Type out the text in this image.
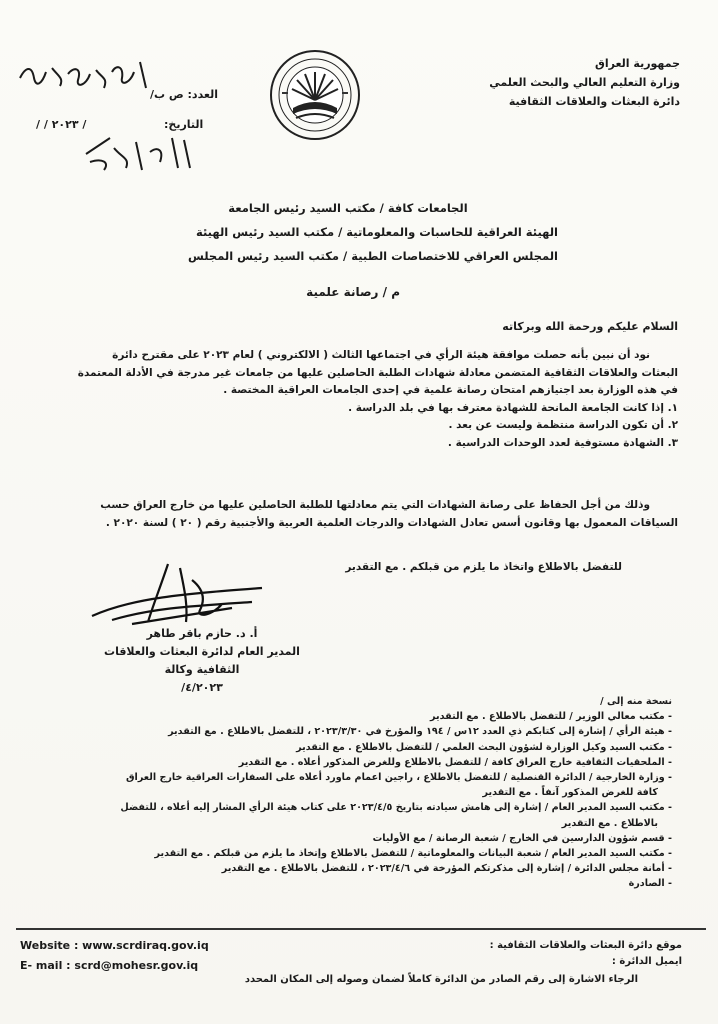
جمهورية العراق
وزارة التعليم العالي والبحث العلمي
دائرة البعثات والعلاقات الثقافية
العدد: ص ب/
التاريخ:
/ ۲۰۲۳ / /
الجامعات كافة / مكتب السيد رئيس الجامعة
الهيئة العراقية للحاسبات والمعلوماتية / مكتب السيد رئيس الهيئة
المجلس العراقي للاختصاصات الطبية / مكتب السيد رئيس المجلس
م / رصانة علمية
السلام عليكم ورحمة الله وبركاته
نود أن نبين بأنه حصلت موافقة هيئة الرأي في اجتماعها الثالث ( الالكتروني ) لعام ۲۰۲۳ على مقترح دائرة
البعثات والعلاقات الثقافية المتضمن معادلة شهادات الطلبة الحاصلين عليها من جامعات غير مدرجة في الأدلة المعتمدة
في هذه الوزارة بعد اجتيازهم امتحان رصانة علمية في إحدى الجامعات العراقية المختصة .
۱. إذا كانت الجامعة المانحة للشهادة معترف بها في بلد الدراسة .
۲. أن تكون الدراسة منتظمة وليست عن بعد .
۳. الشهادة مستوفية لعدد الوحدات الدراسية .
وذلك من أجل الحفاظ على رصانة الشهادات التي يتم معادلتها للطلبة الحاصلين عليها من خارج العراق حسب
السياقات المعمول بها وقانون أسس تعادل الشهادات والدرجات العلمية العربية والأجنبية رقم ( ۲۰ ) لسنة ۲۰۲۰ .
للتفضل بالاطلاع واتخاذ ما يلزم من قبلكم . مع التقدير
أ. د. حازم باقر طاهر
المدير العام لدائرة البعثات والعلاقات الثقافية وكالة
۲۰۲۳/٤/
نسخة منه إلى /
- مكتب معالي الوزير / للتفضل بالاطلاع . مع التقدير
- هيئة الرأي / إشارة إلى كتابكم ذي العدد ۱۲س / ۱۹٤ والمؤرخ في ۲۰۲۳/۳/۳۰ ، للتفضل بالاطلاع . مع التقدير
- مكتب السيد وكيل الوزارة لشؤون البحث العلمي / للتفضل بالاطلاع . مع التقدير
- الملحقيات الثقافية خارج العراق كافة / للتفضل بالاطلاع وللغرض المذكور أعلاه . مع التقدير
- وزارة الخارجية / الدائرة القنصلية / للتفضل بالاطلاع ، راجين اعمام ماورد أعلاه على السفارات العراقية خارج العراق
كافة للغرض المذكور آنفاً . مع التقدير
- مكتب السيد المدير العام / إشارة إلى هامش سيادته بتاريخ ۲۰۲۳/٤/٥ على كتاب هيئة الرأي المشار إليه أعلاه ، للتفضل
بالاطلاع . مع التقدير
- قسم شؤون الدارسين في الخارج / شعبة الرصانة / مع الأوليات
- مكتب السيد المدير العام / شعبة البيانات والمعلوماتية / للتفضل بالاطلاع وإتخاذ ما يلزم من قبلكم . مع التقدير
- أمانة مجلس الدائرة / إشارة إلى مذكرتكم المؤرخة في ۲۰۲۳/٤/٦ ، للتفضل بالاطلاع . مع التقدير
- الصادرة
Website : www.scrdiraq.gov.iq
E- mail : scrd@mohesr.gov.iq
موقع دائرة البعثات والعلاقات الثقافية :
ايميل الدائرة :
الرجاء الاشارة إلى رقم الصادر من الدائرة كاملاً لضمان وصوله إلى المكان المحدد
